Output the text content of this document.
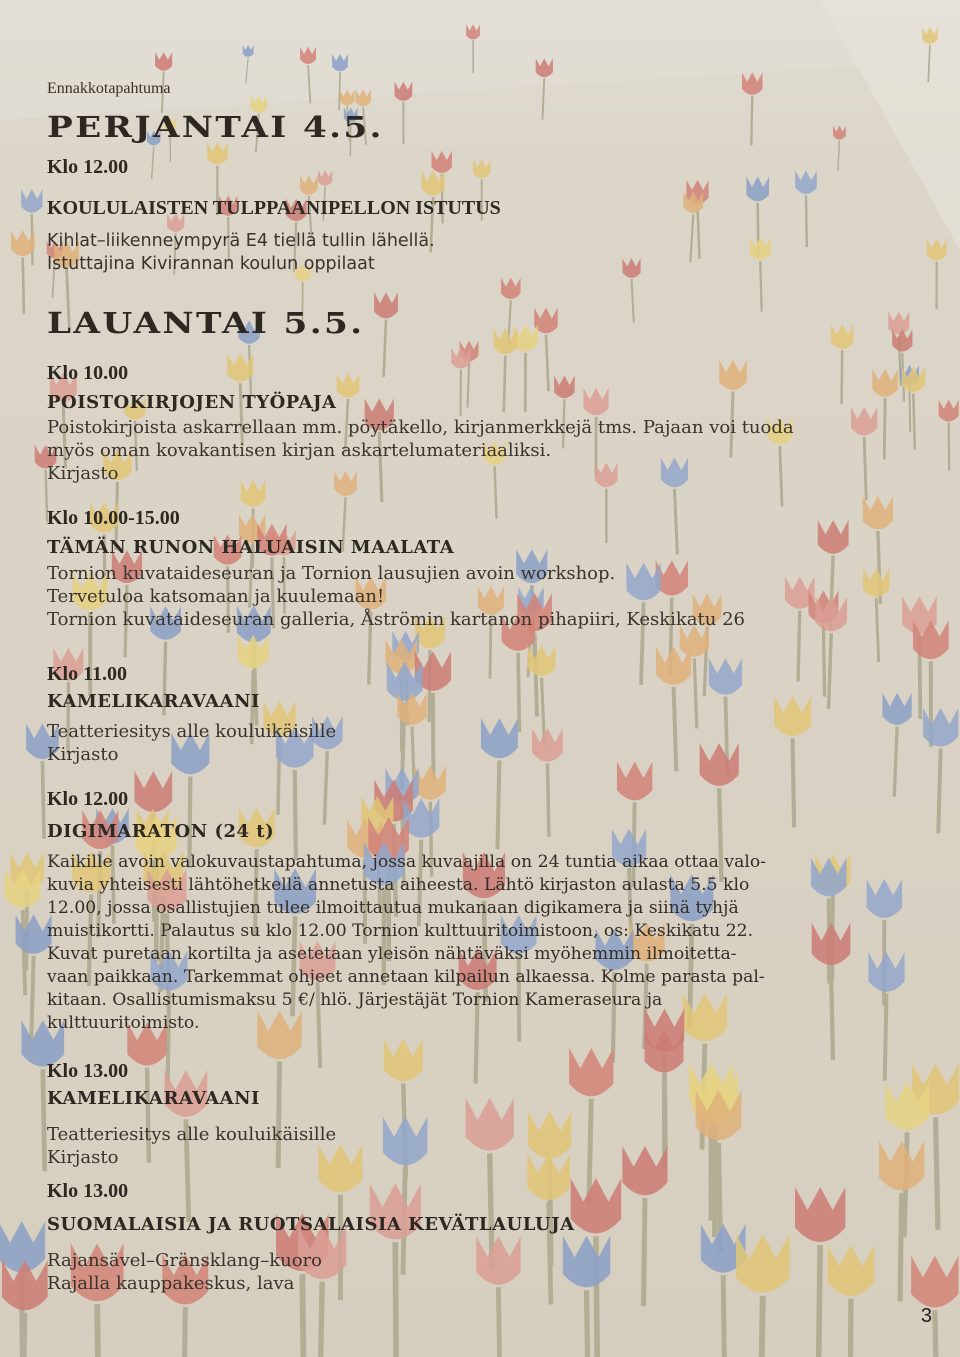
Ennakkotapahtuma
PERJANTAI 4.5.
Klo 12.00
KOULULAISTEN TULPPAANIPELLON ISTUTUS
Kihlat–liikenneympyrä E4 tiellä tullin lähellä.
Istuttajina Kivirannan koulun oppilaat
LAUANTAI 5.5.
Klo 10.00
POISTOKIRJOJEN TYÖPAJA
Poistokirjoista askarrellaan mm. pöytäkello, kirjanmerkkejä tms. Pajaan voi tuoda
myös oman kovakantisen kirjan askartelumateriaaliksi.
Kirjasto
Klo 10.00-15.00
TÄMÄN RUNON HALUAISIN MAALATA
Tornion kuvataideseuran ja Tornion lausujien avoin workshop.
Tervetuloa katsomaan ja kuulemaan!
Tornion kuvataideseuran galleria, Åströmin kartanon pihapiiri, Keskikatu 26
Klo 11.00
KAMELIKARAVAANI
Teatteriesitys alle kouluikäisille
Kirjasto
Klo 12.00
DIGIMARATON (24 t)
Kaikille avoin valokuvaustapahtuma, jossa kuvaajilla on 24 tuntia aikaa ottaa valo-
kuvia yhteisesti lähtöhetkellä annetusta aiheesta. Lähtö kirjaston aulasta 5.5 klo
12.00, jossa osallistujien tulee ilmoittautua mukanaan digikamera ja siinä tyhjä
muistikortti. Palautus su klo 12.00 Tornion kulttuuritoimistoon, os: Keskikatu 22.
Kuvat puretaan kortilta ja asetetaan yleisön nähtäväksi myöhemmin ilmoitetta-
vaan paikkaan. Tarkemmat ohjeet annetaan kilpailun alkaessa. Kolme parasta pal-
kitaan. Osallistumismaksu 5 €/ hlö. Järjestäjät Tornion Kameraseura ja
kulttuuritoimisto.
Klo 13.00
KAMELIKARAVAANI
Teatteriesitys alle kouluikäisille
Kirjasto
Klo 13.00
SUOMALAISIA JA RUOTSALAISIA KEVÄTLAULUJA
Rajansävel–Gränsklang–kuoro
Rajalla kauppakeskus, lava
3
